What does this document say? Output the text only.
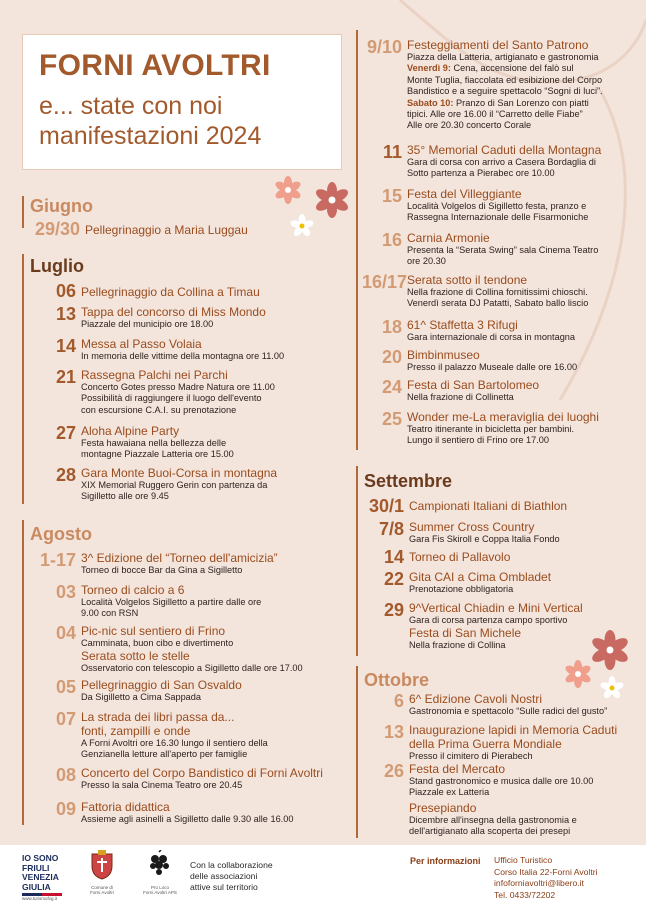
FORNI AVOLTRI
e... state con noi
manifestazioni 2024
Giugno
Luglio
Agosto
Settembre
Ottobre
29/30 Pellegrinaggio a Maria Luggau
06 Pellegrinaggio da Collina a Timau
13 Tappa del concorso di Miss Mondo
Piazzale del municipio ore 18.00
14 Messa al Passo Volaia
In memoria delle vittime della montagna ore 11.00
21 Rassegna Palchi nei Parchi
Concerto Gotes presso Madre Natura ore 11.00
Possibilità di raggiungere il luogo dell'evento
con escursione C.A.I. su prenotazione
27 Aloha Alpine Party
Festa hawaiana nella bellezza delle
montagne Piazzale Latteria ore 15.00
28 Gara Monte Buoi-Corsa in montagna
XIX Memorial Ruggero Gerin con partenza da
Sigilletto alle ore 9.45
1-17 3^ Edizione del “Torneo dell'amicizia”
Torneo di bocce Bar da Gina a Sigilletto
03 Torneo di calcio a 6
Località Volgelos Sigilletto a partire dalle ore
9.00 con RSN
04 Pic-nic sul sentiero di Frino
Camminata, buon cibo e divertimento
Serata sotto le stelle
Osservatorio con telescopio a Sigilletto dalle ore 17.00
05 Pellegrinaggio di San Osvaldo
Da Sigilletto a Cima Sappada
07 La strada dei libri passa da...
fonti, zampilli e onde
A Forni Avoltri ore 16.30 lungo il sentiero della
Genzianella letture all'aperto per famiglie
08 Concerto del Corpo Bandistico di Forni Avoltri
Presso la sala Cinema Teatro ore 20.45
09 Fattoria didattica
Assieme agli asinelli a Sigilletto dalle 9.30 alle 16.00
9/10 Festeggiamenti del Santo Patrono
Piazza della Latteria, artigianato e gastronomia
Venerdì 9: Cena, accensione del falò sul
Monte Tuglia, fiaccolata ed esibizione del Corpo
Bandistico e a seguire spettacolo “Sogni di luci”.
Sabato 10: Pranzo di San Lorenzo con piatti
tipici. Alle ore 16.00 il “Carretto delle Fiabe”
Alle ore 20.30 concerto Corale
11 35° Memorial Caduti della Montagna
Gara di corsa con arrivo a Casera Bordaglia di
Sotto partenza a Pierabec ore 10.00
15 Festa del Villeggiante
Località Volgelos di Sigilletto festa, pranzo e
Rassegna Internazionale delle Fisarmoniche
16 Carnia Armonie
Presenta la “Serata Swing” sala Cinema Teatro
ore 20.30
16/17 Serata sotto il tendone
Nella frazione di Collina fornitissimi chioschi.
Venerdì serata DJ Patatti, Sabato ballo liscio
18 61^ Staffetta 3 Rifugi
Gara internazionale di corsa in montagna
20 Bimbinmuseo
Presso il palazzo Museale dalle ore 16.00
24 Festa di San Bartolomeo
Nella frazione di Collinetta
25 Wonder me-La meraviglia dei luoghi
Teatro itinerante in bicicletta per bambini.
Lungo il sentiero di Frino ore 17.00
30/1 Campionati Italiani di Biathlon
7/8 Summer Cross Country
Gara Fis Skiroll e Coppa Italia Fondo
14 Torneo di Pallavolo
22 Gita CAI a Cima Ombladet
Prenotazione obbligatoria
29 9^Vertical Chiadin e Mini Vertical
Gara di corsa partenza campo sportivo
Festa di San Michele
Nella frazione di Collina
6 6^ Edizione Cavoli Nostri
Gastronomia e spettacolo “Sulle radici del gusto”
13 Inaugurazione lapidi in Memoria Caduti
della Prima Guerra Mondiale
Presso il cimitero di Pierabech
26 Festa del Mercato
Stand gastronomico e musica dalle ore 10.00
Piazzale ex Latteria
Presepiando
Dicembre all'insegna della gastronomia e
dell'artigianato alla scoperta dei presepi
IO SONO
FRIULI
VENEZIA
GIULIA
www.turismofvg.it
Comune di
Forni Avoltri
Pro Loco
Forni Avoltri APS
Con la collaborazione
delle associazioni
attive sul territorio
Per informazioni Ufficio Turistico
Corso Italia 22-Forni Avoltri
infoforniavoltri@libero.it
Tel. 0433/72202
